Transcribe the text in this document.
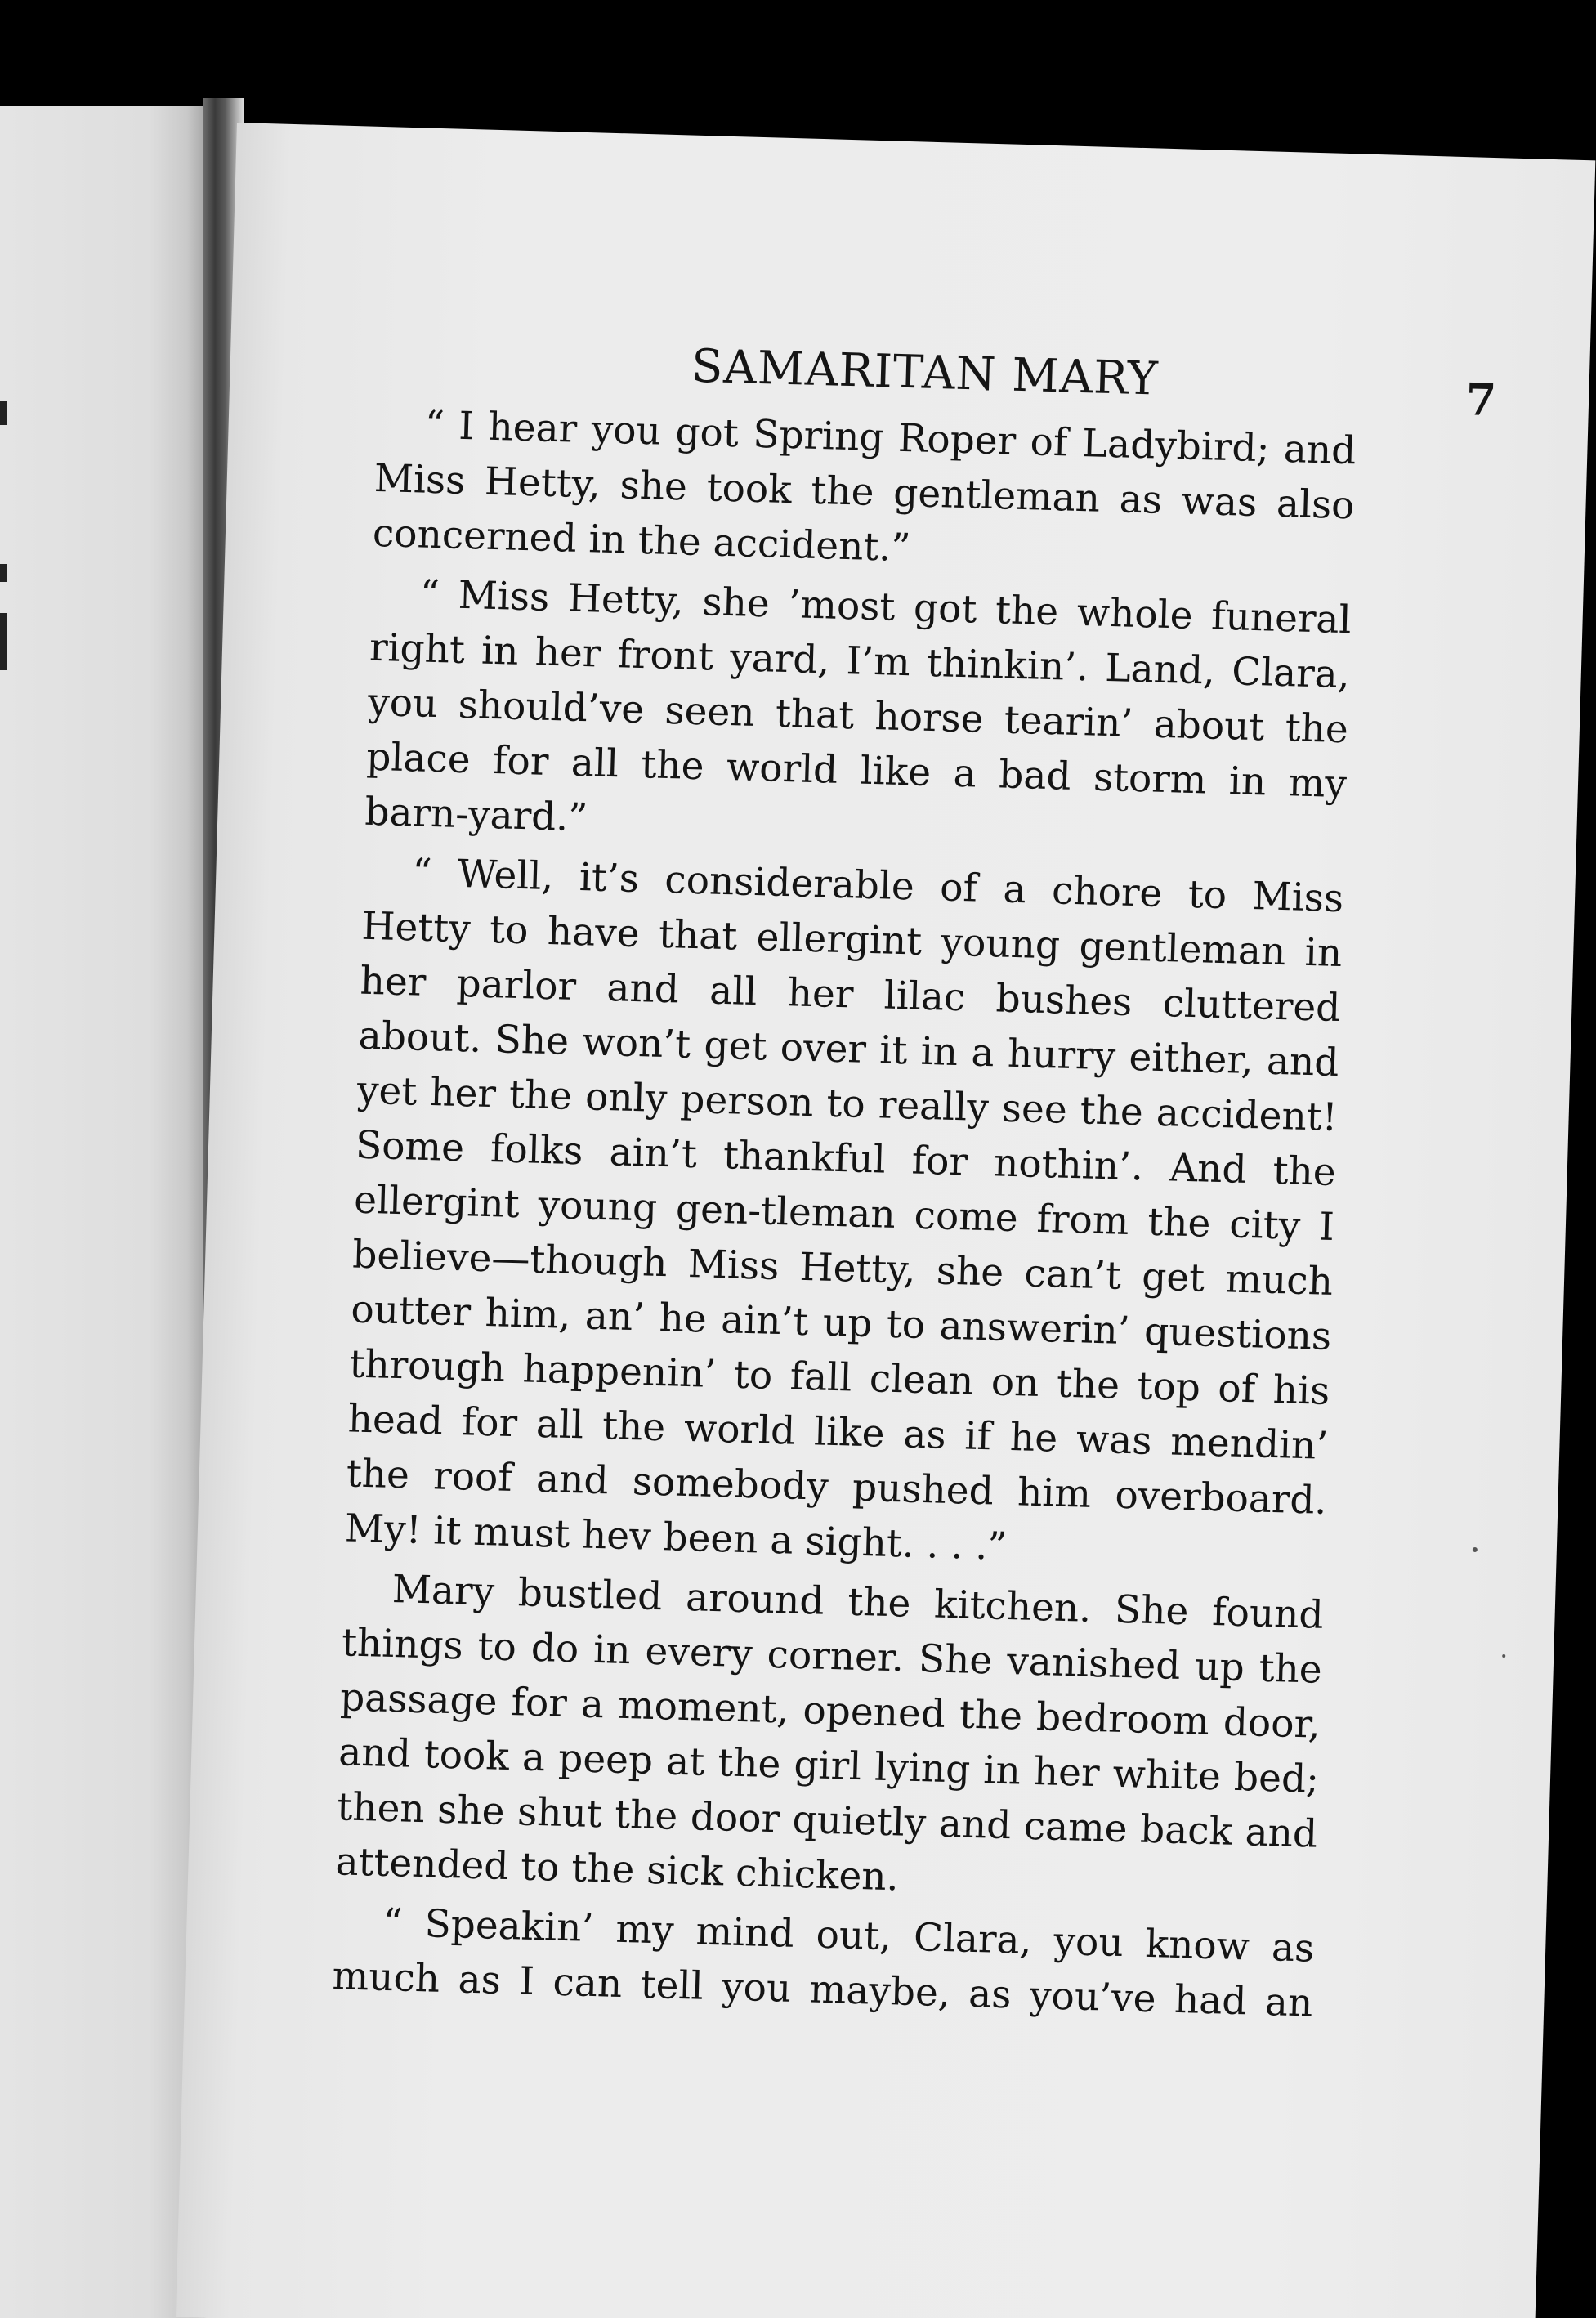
SAMARITAN MARY	7

“ I hear you got Spring Roper of Ladybird; and Miss Hetty, she took the gentleman as was also concerned in the accident.”

“ Miss Hetty, she ’most got the whole funeral right in her front yard, I’m thinkin’. Land, Clara, you should’ve seen that horse tearin’ about the place for all the world like a bad storm in my barn-yard.”

“ Well, it’s considerable of a chore to Miss Hetty to have that ellergint young gentleman in her parlor and all her lilac bushes cluttered about. She won’t get over it in a hurry either, and yet her the only person to really see the accident! Some folks ain’t thankful for nothin’. And the ellergint young gen-tleman come from the city I believe—though Miss Hetty, she can’t get much outter him, an’ he ain’t up to answerin’ questions through happenin’ to fall clean on the top of his head for all the world like as if he was mendin’ the roof and somebody pushed him overboard. My! it must hev been a sight. . . .”

Mary bustled around the kitchen. She found things to do in every corner. She vanished up the passage for a moment, opened the bedroom door, and took a peep at the girl lying in her white bed; then she shut the door quietly and came back and attended to the sick chicken.

“ Speakin’ my mind out, Clara, you know as much as I can tell you maybe, as you’ve had an
